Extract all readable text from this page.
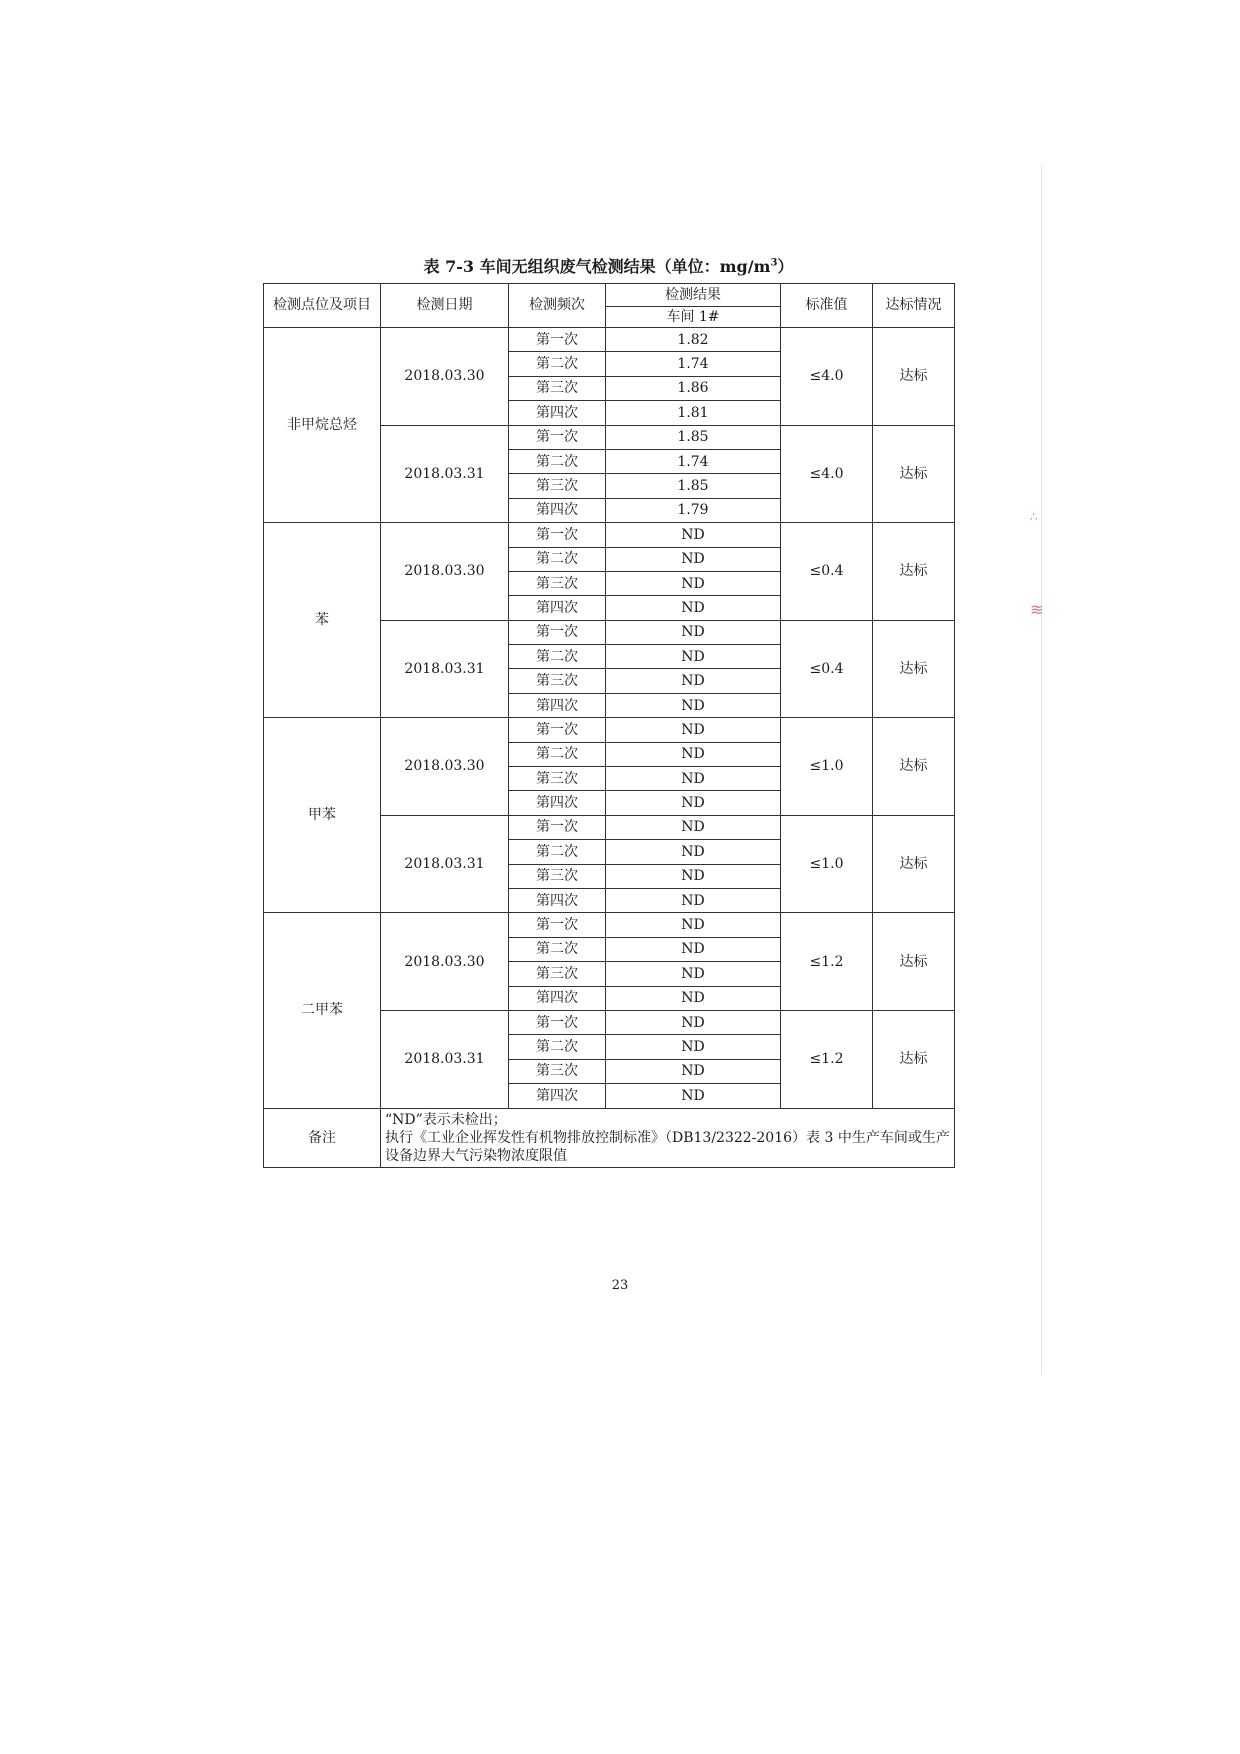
∴
≋
表 7-3 车间无组织废气检测结果（单位：$mg/m^3$）
检测点位及项目	检测日期	检测频次	检测结果	标准值	达标情况
			车间 1#		
非甲烷总烃	2018.03.30	第一次	1.82	≤4.0	达标
		第二次	1.74		
		第三次	1.86		
		第四次	1.81		
	2018.03.31	第一次	1.85	≤4.0	达标
		第二次	1.74		
		第三次	1.85		
		第四次	1.79		
苯	2018.03.30	第一次	ND	≤0.4	达标
		第二次	ND		
		第三次	ND		
		第四次	ND		
	2018.03.31	第一次	ND	≤0.4	达标
		第二次	ND		
		第三次	ND		
		第四次	ND		
甲苯	2018.03.30	第一次	ND	≤1.0	达标
		第二次	ND		
		第三次	ND		
		第四次	ND		
	2018.03.31	第一次	ND	≤1.0	达标
		第二次	ND		
		第三次	ND		
		第四次	ND		
二甲苯	2018.03.30	第一次	ND	≤1.2	达标
		第二次	ND		
		第三次	ND		
		第四次	ND		
	2018.03.31	第一次	ND	≤1.2	达标
		第二次	ND		
		第三次	ND		
		第四次	ND		
备注	“ND”表示未检出；
执行《工业企业挥发性有机物排放控制标准》（DB13/2322-2016）表 3 中生产车间或生产设备边界大气污染物浓度限值				
23
